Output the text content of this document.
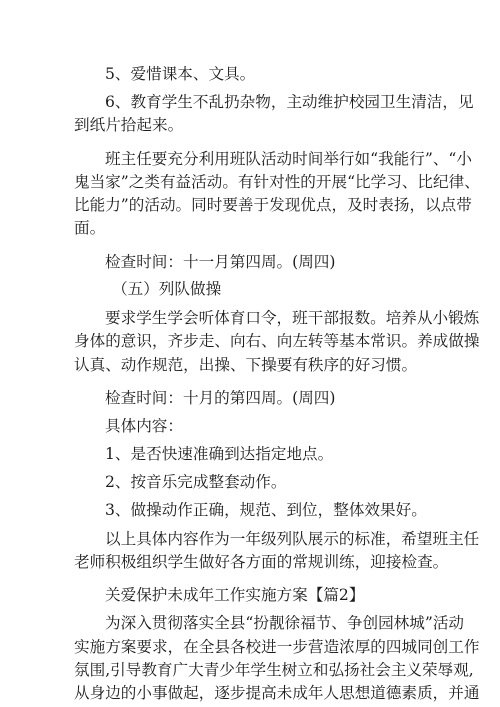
5、爱惜课本、文具。
6、教育学生不乱扔杂物，主动维护校园卫生清洁，见
到纸片拾起来。
班主任要充分利用班队活动时间举行如“我能行”、“小
鬼当家”之类有益活动。有针对性的开展“比学习、比纪律、
比能力”的活动。同时要善于发现优点，及时表扬，以点带
面。
检查时间：十一月第四周。(周四)
（五）列队做操
要求学生学会听体育口令，班干部报数。培养从小锻炼
身体的意识，齐步走、向右、向左转等基本常识。养成做操
认真、动作规范，出操、下操要有秩序的好习惯。
检查时间：十月的第四周。(周四)
具体内容：
1、是否快速准确到达指定地点。
2、按音乐完成整套动作。
3、做操动作正确，规范、到位，整体效果好。
以上具体内容作为一年级列队展示的标准，希望班主任
老师积极组织学生做好各方面的常规训练，迎接检查。
关爱保护未成年工作实施方案【篇2】
为深入贯彻落实全县“扮靓徐福节、争创园林城”活动
实施方案要求，在全县各校进一步营造浓厚的四城同创工作
氛围,引导教育广大青少年学生树立和弘扬社会主义荣辱观,
从身边的小事做起，逐步提高未成年人思想道德素质，并通
